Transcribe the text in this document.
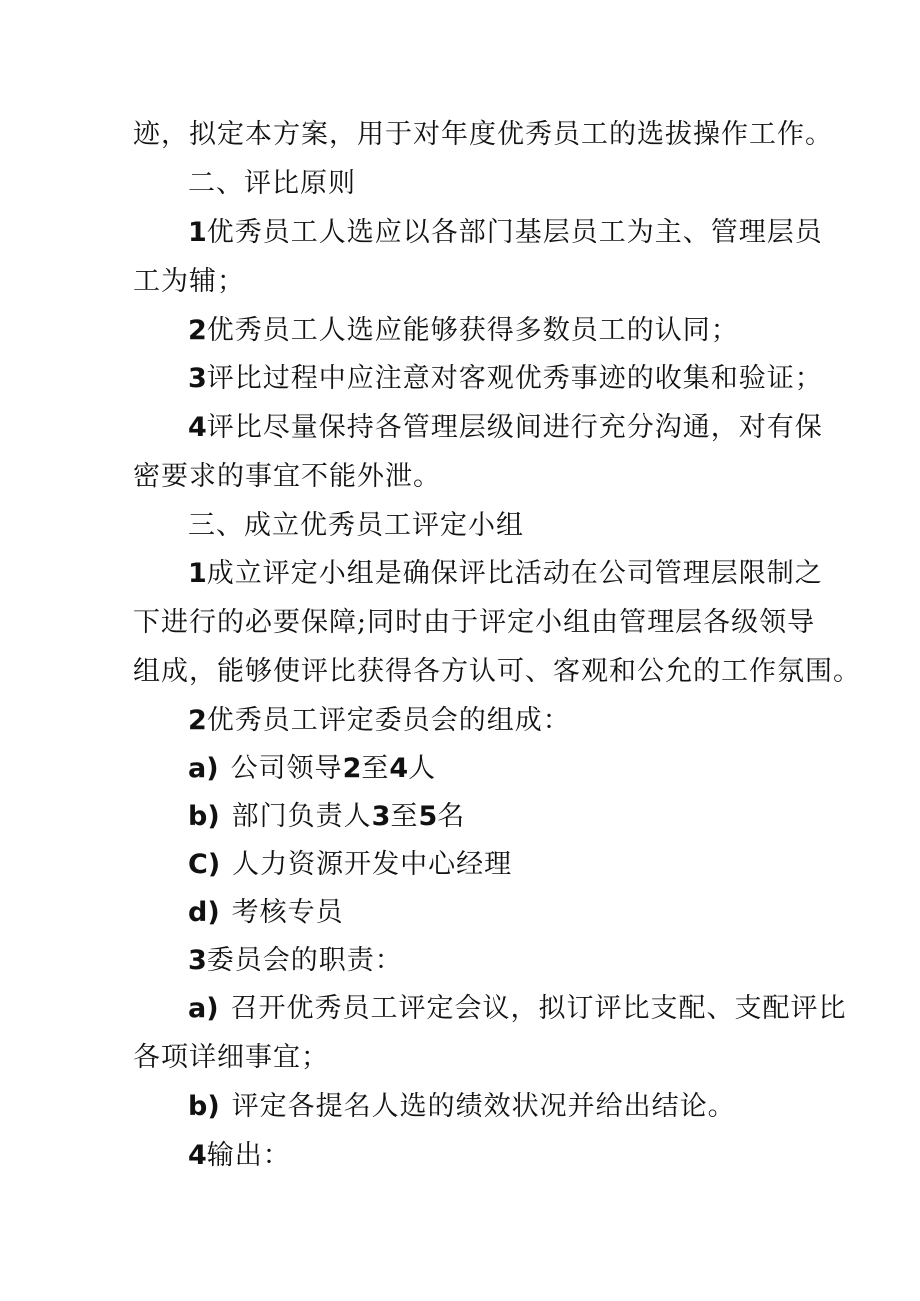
迹，拟定本方案，用于对年度优秀员工的选拔操作工作。
二、评比原则
1优秀员工人选应以各部门基层员工为主、管理层员
工为辅；
2优秀员工人选应能够获得多数员工的认同；
3评比过程中应注意对客观优秀事迹的收集和验证；
4评比尽量保持各管理层级间进行充分沟通，对有保
密要求的事宜不能外泄。
三、成立优秀员工评定小组
1成立评定小组是确保评比活动在公司管理层限制之
下进行的必要保障;同时由于评定小组由管理层各级领导
组成，能够使评比获得各方认可、客观和公允的工作氛围。
2优秀员工评定委员会的组成：
a) 公司领导2至4人
b) 部门负责人3至5名
C) 人力资源开发中心经理
d) 考核专员
3委员会的职责：
a) 召开优秀员工评定会议，拟订评比支配、支配评比
各项详细事宜；
b) 评定各提名人选的绩效状况并给出结论。
4输出：
